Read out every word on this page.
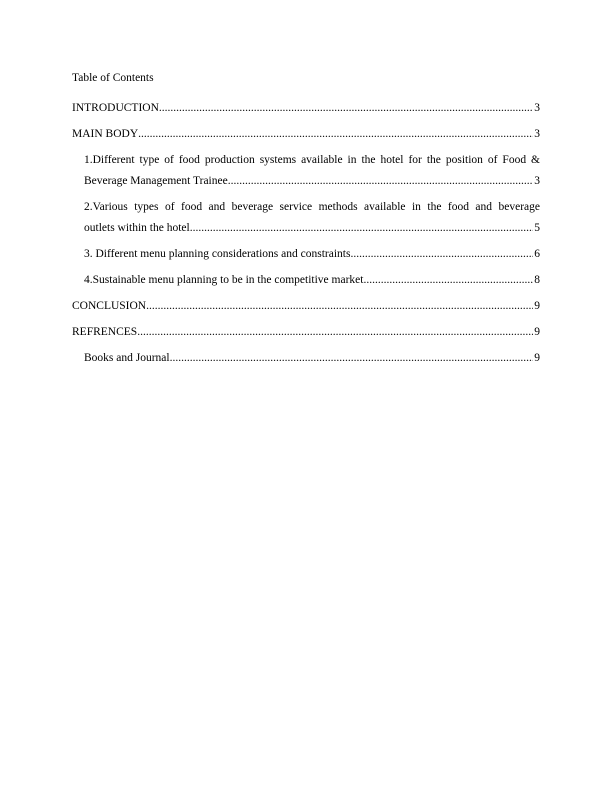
Table of Contents
INTRODUCTION .....	3
MAIN BODY .....	3
1.Different type of food production systems available in the hotel for the position of Food &
Beverage Management Trainee .....	3
2.Various types of food and beverage service methods available in the food and beverage
outlets within the hotel .....	5
3. Different menu planning considerations and constraints .....	6
4.Sustainable menu planning to be in the competitive market .....	8
CONCLUSION .....	9
REFRENCES .....	9
Books and Journal .....	9
